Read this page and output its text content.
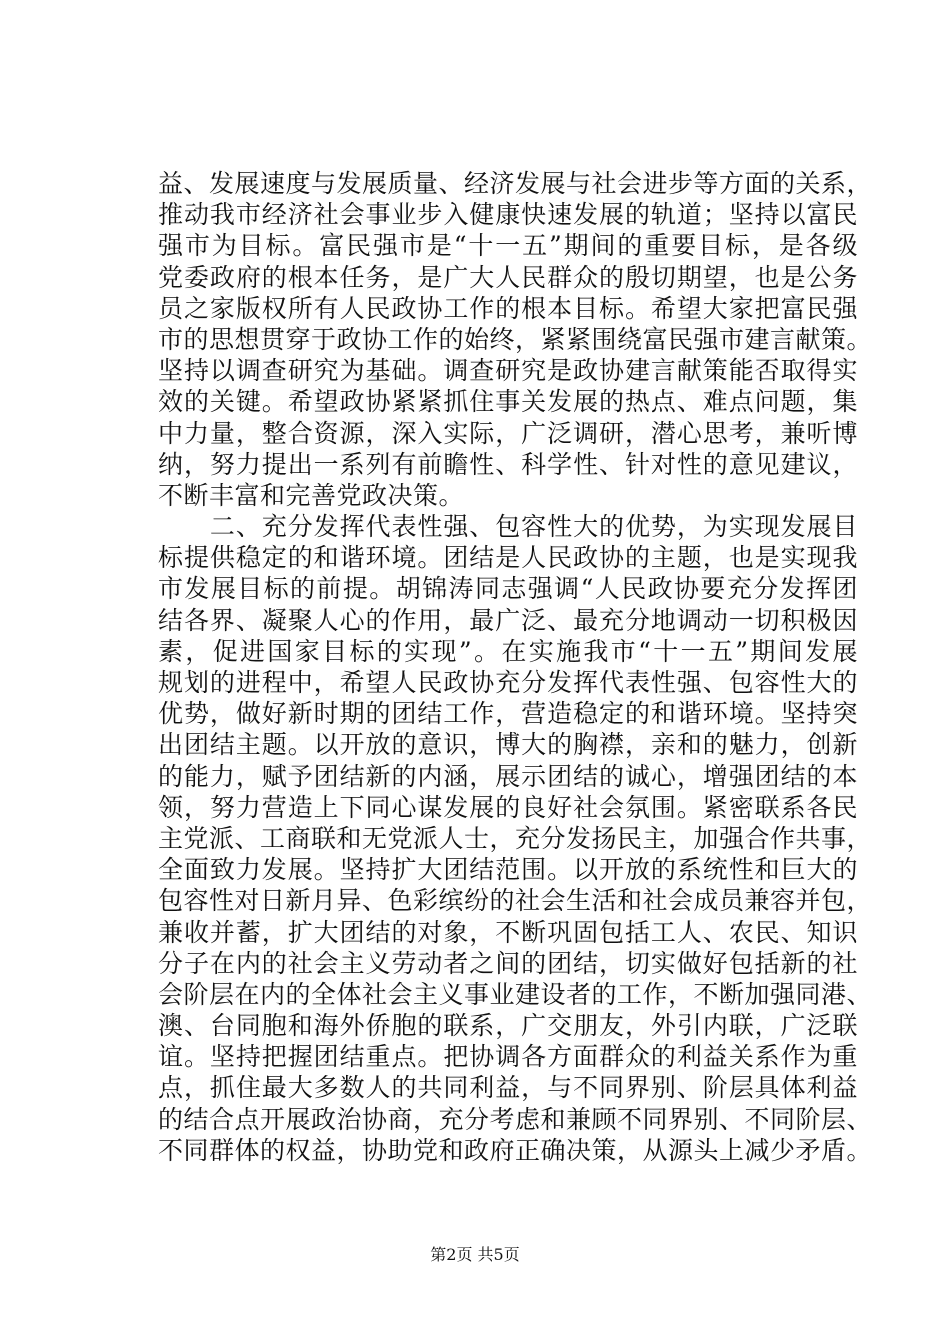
益、发展速度与发展质量、经济发展与社会进步等方面的关系，
推动我市经济社会事业步入健康快速发展的轨道；坚持以富民
强市为目标。富民强市是“十一五”期间的重要目标，是各级
党委政府的根本任务，是广大人民群众的殷切期望，也是公务
员之家版权所有人民政协工作的根本目标。希望大家把富民强
市的思想贯穿于政协工作的始终，紧紧围绕富民强市建言献策。
坚持以调查研究为基础。调查研究是政协建言献策能否取得实
效的关键。希望政协紧紧抓住事关发展的热点、难点问题，集
中力量，整合资源，深入实际，广泛调研，潜心思考，兼听博
纳，努力提出一系列有前瞻性、科学性、针对性的意见建议，
不断丰富和完善党政决策。
　　二、充分发挥代表性强、包容性大的优势，为实现发展目
标提供稳定的和谐环境。团结是人民政协的主题，也是实现我
市发展目标的前提。胡锦涛同志强调“人民政协要充分发挥团
结各界、凝聚人心的作用，最广泛、最充分地调动一切积极因
素，促进国家目标的实现”。在实施我市“十一五”期间发展
规划的进程中，希望人民政协充分发挥代表性强、包容性大的
优势，做好新时期的团结工作，营造稳定的和谐环境。坚持突
出团结主题。以开放的意识，博大的胸襟，亲和的魅力，创新
的能力，赋予团结新的内涵，展示团结的诚心，增强团结的本
领，努力营造上下同心谋发展的良好社会氛围。紧密联系各民
主党派、工商联和无党派人士，充分发扬民主，加强合作共事，
全面致力发展。坚持扩大团结范围。以开放的系统性和巨大的
包容性对日新月异、色彩缤纷的社会生活和社会成员兼容并包，
兼收并蓄，扩大团结的对象，不断巩固包括工人、农民、知识
分子在内的社会主义劳动者之间的团结，切实做好包括新的社
会阶层在内的全体社会主义事业建设者的工作，不断加强同港、
澳、台同胞和海外侨胞的联系，广交朋友，外引内联，广泛联
谊。坚持把握团结重点。把协调各方面群众的利益关系作为重
点，抓住最大多数人的共同利益，与不同界别、阶层具体利益
的结合点开展政治协商，充分考虑和兼顾不同界别、不同阶层、
不同群体的权益，协助党和政府正确决策，从源头上减少矛盾。
第2页 共5页
